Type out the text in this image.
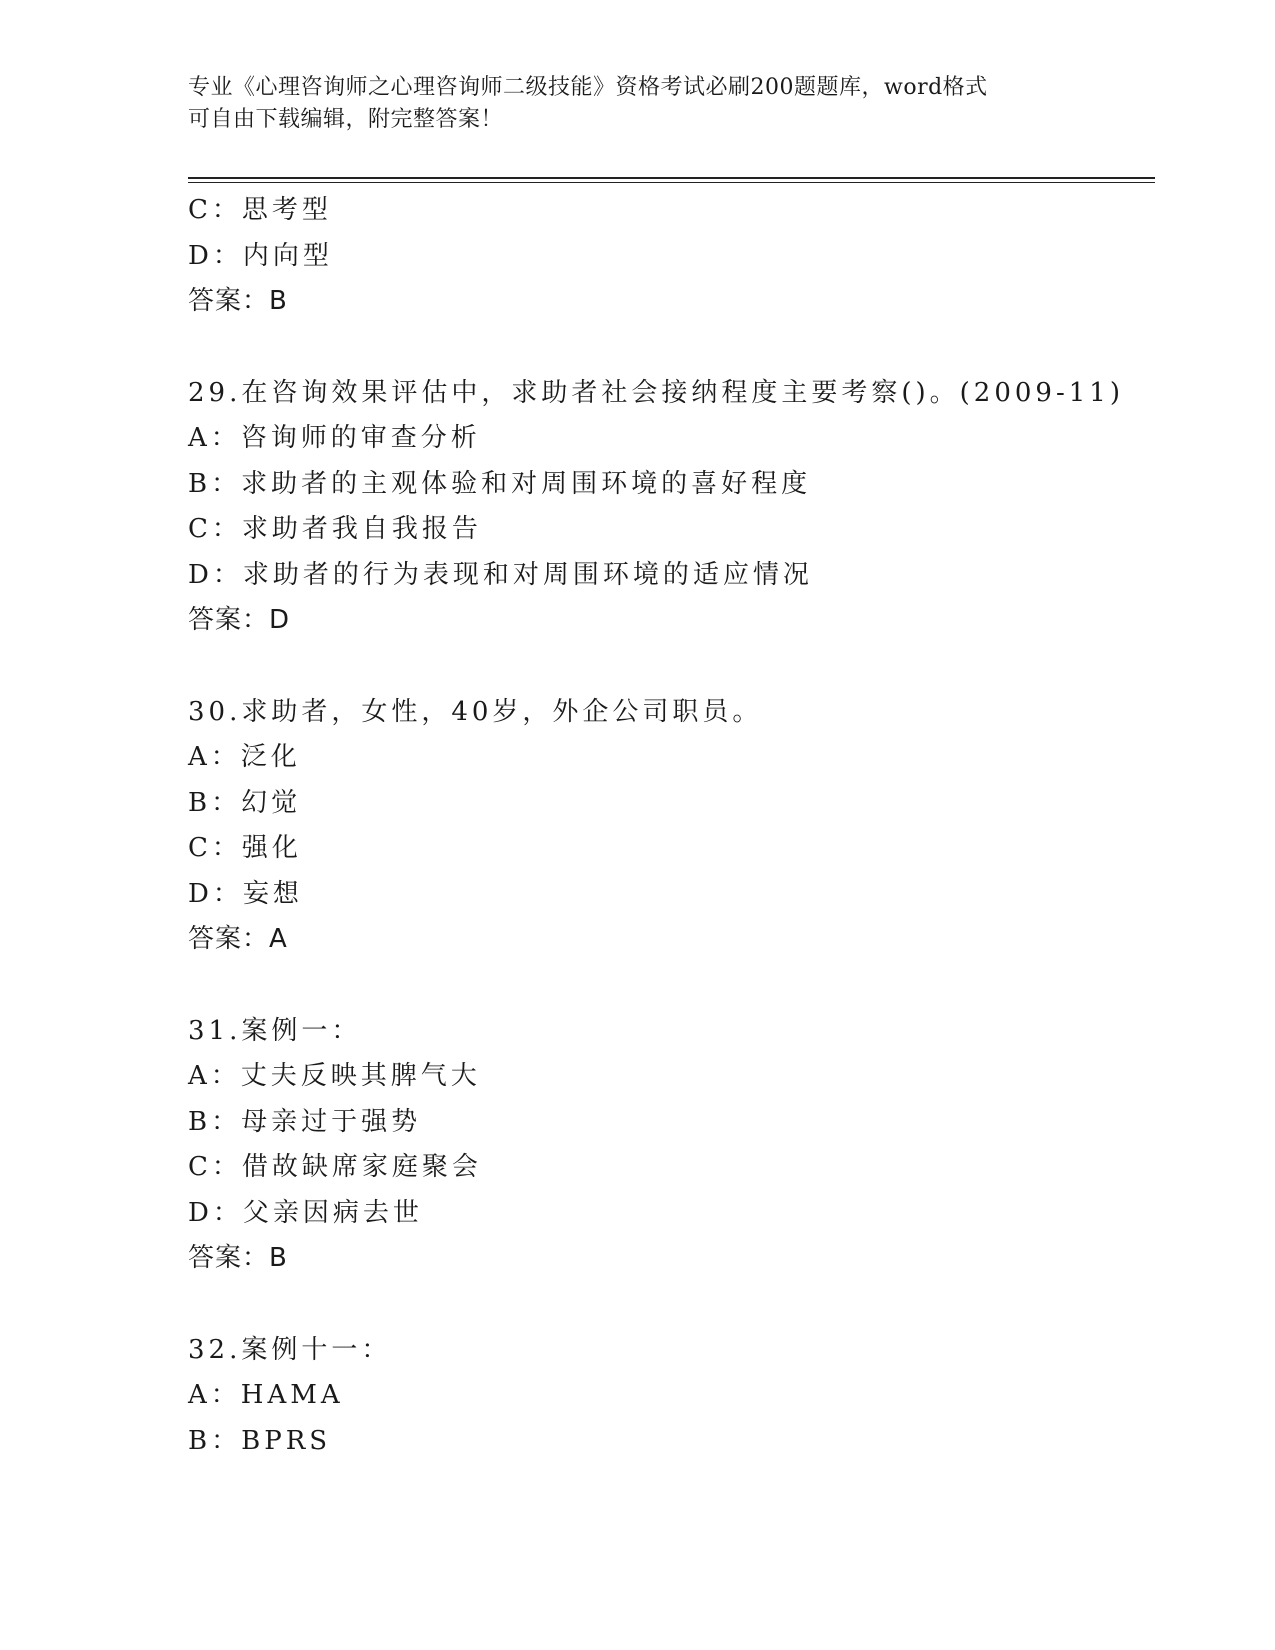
专业《心理咨询师之心理咨询师二级技能》资格考试必刷200题题库，word格式
可自由下载编辑，附完整答案！
C：思考型
D：内向型
答案：B
29.在咨询效果评估中，求助者社会接纳程度主要考察()。(2009-11)
A：咨询师的审查分析
B：求助者的主观体验和对周围环境的喜好程度
C：求助者我自我报告
D：求助者的行为表现和对周围环境的适应情况
答案：D
30.求助者，女性，40岁，外企公司职员。
A：泛化
B：幻觉
C：强化
D：妄想
答案：A
31.案例一：
A：丈夫反映其脾气大
B：母亲过于强势
C：借故缺席家庭聚会
D：父亲因病去世
答案：B
32.案例十一：
A：HAMA
B：BPRS
